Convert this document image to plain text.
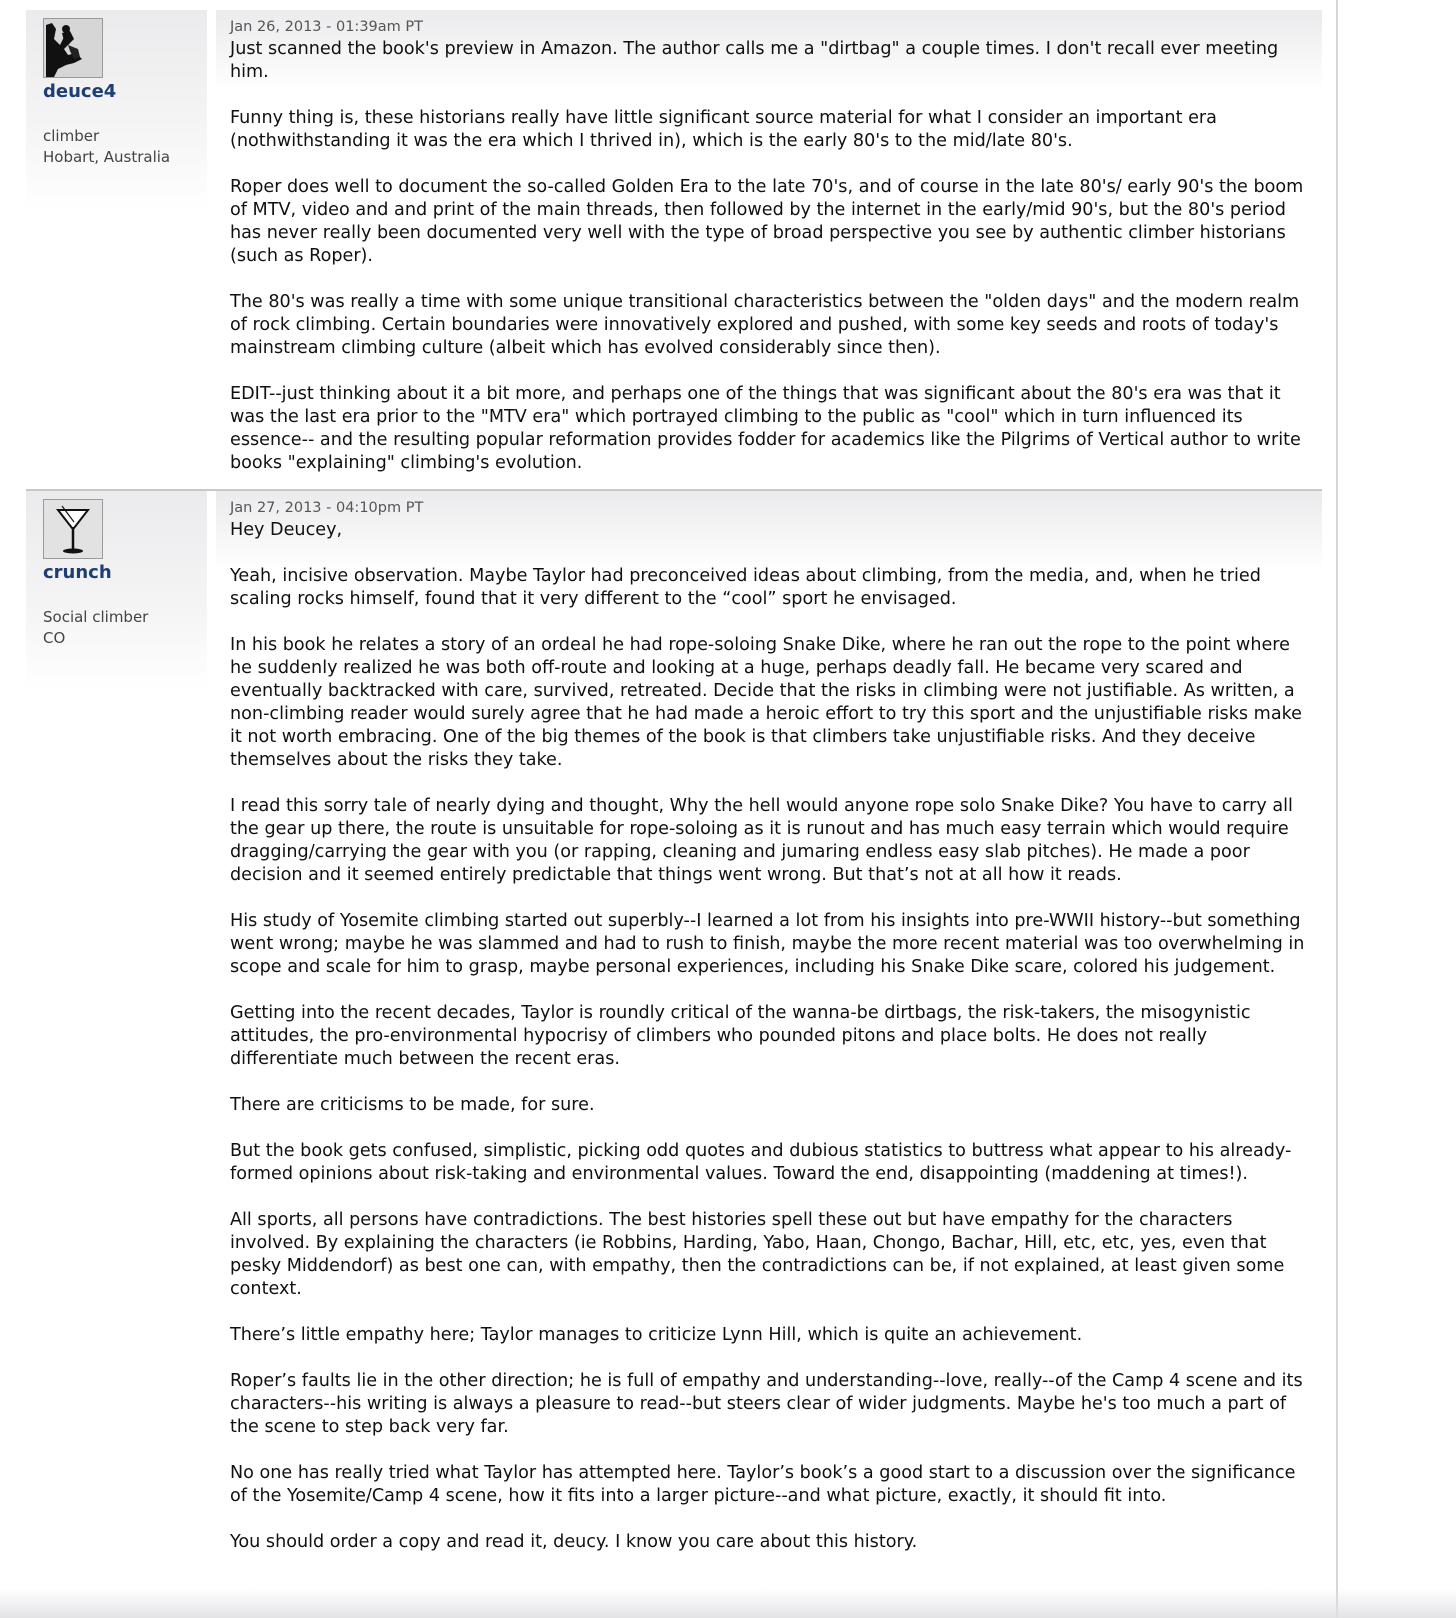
deuce4
climber
Hobart, Australia
Jan 26, 2013 - 01:39am PT

Just scanned the book's preview in Amazon. The author calls me a "dirtbag" a couple times. I don't recall ever meeting him.

Funny thing is, these historians really have little significant source material for what I consider an important era (nothwithstanding it was the era which I thrived in), which is the early 80's to the mid/late 80's.

Roper does well to document the so-called Golden Era to the late 70's, and of course in the late 80's/ early 90's the boom of MTV, video and and print of the main threads, then followed by the internet in the early/mid 90's, but the 80's period has never really been documented very well with the type of broad perspective you see by authentic climber historians (such as Roper).

The 80's was really a time with some unique transitional characteristics between the "olden days" and the modern realm of rock climbing. Certain boundaries were innovatively explored and pushed, with some key seeds and roots of today's mainstream climbing culture (albeit which has evolved considerably since then).

EDIT--just thinking about it a bit more, and perhaps one of the things that was significant about the 80's era was that it was the last era prior to the "MTV era" which portrayed climbing to the public as "cool" which in turn influenced its essence-- and the resulting popular reformation provides fodder for academics like the Pilgrims of Vertical author to write books "explaining" climbing's evolution.

crunch
Social climber
CO
Jan 27, 2013 - 04:10pm PT

Hey Deucey,

Yeah, incisive observation. Maybe Taylor had preconceived ideas about climbing, from the media, and, when he tried scaling rocks himself, found that it very different to the “cool” sport he envisaged.

In his book he relates a story of an ordeal he had rope-soloing Snake Dike, where he ran out the rope to the point where he suddenly realized he was both off-route and looking at a huge, perhaps deadly fall. He became very scared and eventually backtracked with care, survived, retreated. Decide that the risks in climbing were not justifiable. As written, a non-climbing reader would surely agree that he had made a heroic effort to try this sport and the unjustifiable risks make it not worth embracing. One of the big themes of the book is that climbers take unjustifiable risks. And they deceive themselves about the risks they take.

I read this sorry tale of nearly dying and thought, Why the hell would anyone rope solo Snake Dike? You have to carry all the gear up there, the route is unsuitable for rope-soloing as it is runout and has much easy terrain which would require dragging/carrying the gear with you (or rapping, cleaning and jumaring endless easy slab pitches). He made a poor decision and it seemed entirely predictable that things went wrong. But that’s not at all how it reads.

His study of Yosemite climbing started out superbly--I learned a lot from his insights into pre-WWII history--but something went wrong; maybe he was slammed and had to rush to finish, maybe the more recent material was too overwhelming in scope and scale for him to grasp, maybe personal experiences, including his Snake Dike scare, colored his judgement.

Getting into the recent decades, Taylor is roundly critical of the wanna-be dirtbags, the risk-takers, the misogynistic attitudes, the pro-environmental hypocrisy of climbers who pounded pitons and place bolts. He does not really differentiate much between the recent eras.

There are criticisms to be made, for sure.

But the book gets confused, simplistic, picking odd quotes and dubious statistics to buttress what appear to his already-formed opinions about risk-taking and environmental values. Toward the end, disappointing (maddening at times!).

All sports, all persons have contradictions. The best histories spell these out but have empathy for the characters involved. By explaining the characters (ie Robbins, Harding, Yabo, Haan, Chongo, Bachar, Hill, etc, etc, yes, even that pesky Middendorf) as best one can, with empathy, then the contradictions can be, if not explained, at least given some context.

There’s little empathy here; Taylor manages to criticize Lynn Hill, which is quite an achievement.

Roper’s faults lie in the other direction; he is full of empathy and understanding--love, really--of the Camp 4 scene and its characters--his writing is always a pleasure to read--but steers clear of wider judgments. Maybe he's too much a part of the scene to step back very far.

No one has really tried what Taylor has attempted here. Taylor’s book’s a good start to a discussion over the significance of the Yosemite/Camp 4 scene, how it fits into a larger picture--and what picture, exactly, it should fit into.

You should order a copy and read it, deucy. I know you care about this history.
